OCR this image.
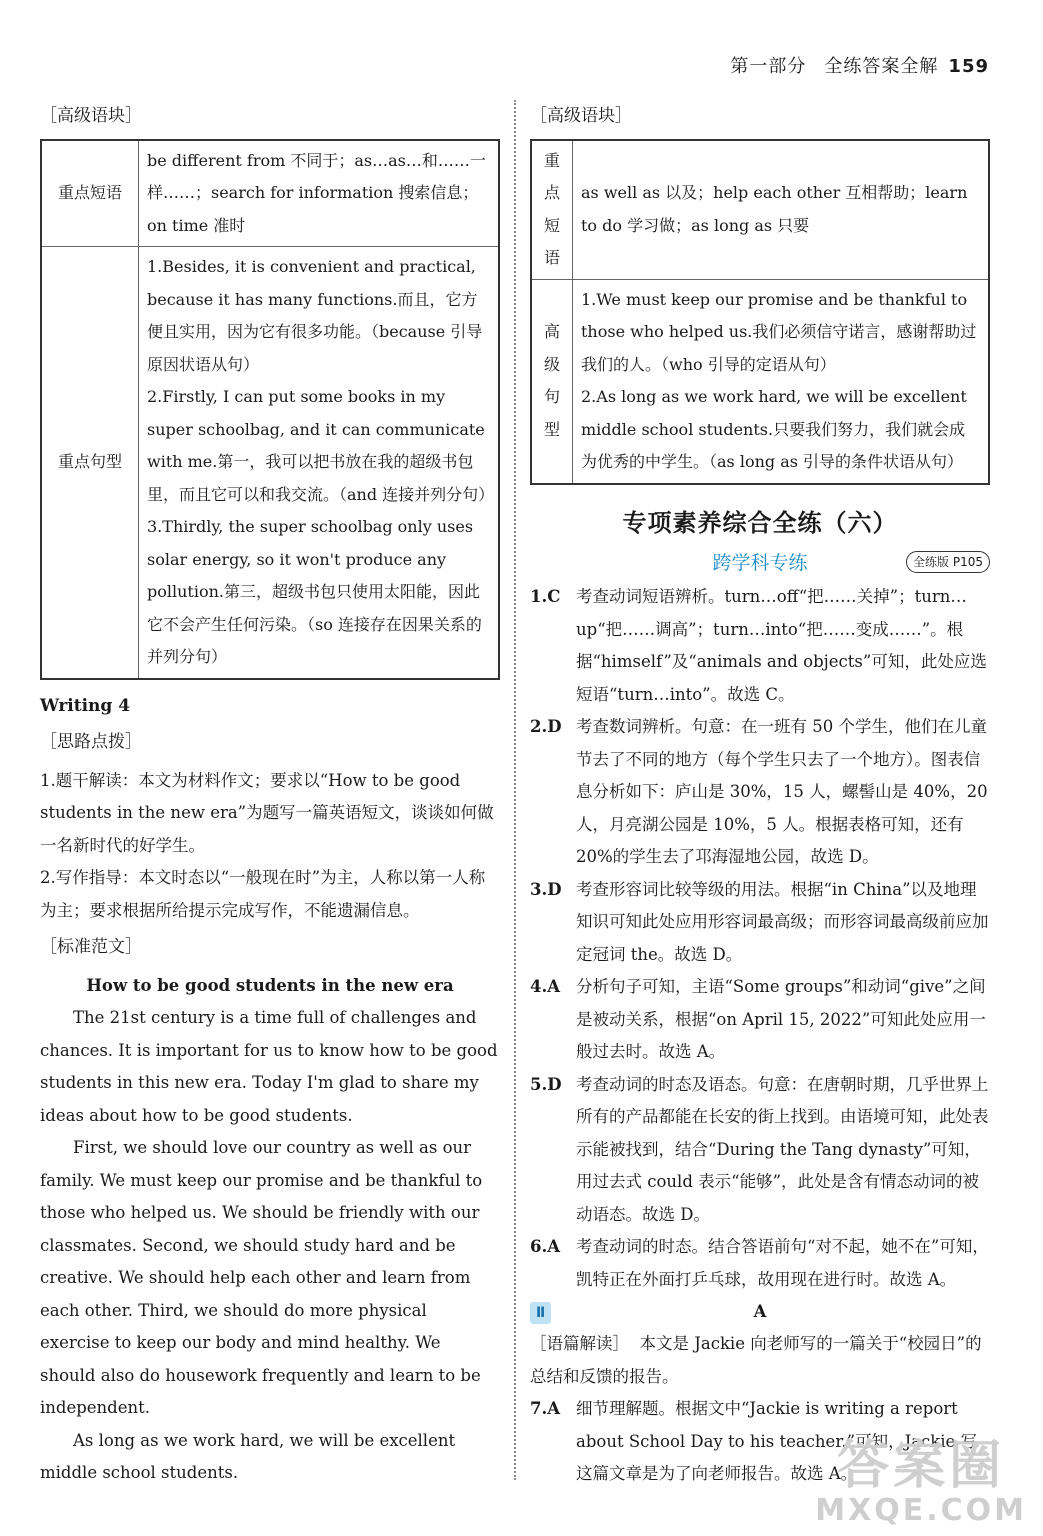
第一部分 全练答案全解 159
［高级语块］
重点短语	be different from 不同于；as…as…和……一样……；search for information 搜索信息；on time 准时

重点句型	1.Besides, it is convenient and practical, because it has many functions.而且，它方便且实用，因为它有很多功能。（because 引导原因状语从句）

2.Firstly, I can put some books in my super schoolbag, and it can communicate with me.第一，我可以把书放在我的超级书包里，而且它可以和我交流。（and 连接并列分句）

3.Thirdly, the super schoolbag only uses solar energy, so it won't produce any pollution.第三，超级书包只使用太阳能，因此它不会产生任何污染。（so 连接存在因果关系的并列分句）

Writing 4
［思路点拨］

1.题干解读：本文为材料作文；要求以“How to be good students in the new era”为题写一篇英语短文，谈谈如何做一名新时代的好学生。

2.写作指导：本文时态以“一般现在时”为主，人称以第一人称为主；要求根据所给提示完成写作，不能遗漏信息。

［标准范文］

How to be good students in the new era

The 21st century is a time full of challenges and chances. It is important for us to know how to be good students in this new era. Today I'm glad to share my ideas about how to be good students.

First, we should love our country as well as our family. We must keep our promise and be thankful to those who helped us. We should be friendly with our classmates. Second, we should study hard and be creative. We should help each other and learn from each other. Third, we should do more physical exercise to keep our body and mind healthy. We should also do housework frequently and learn to be independent.

As long as we work hard, we will be excellent middle school students.

［高级语块］
重点短语	as well as 以及；help each other 互相帮助；learn to do 学习做；as long as 只要

高级句型	1.We must keep our promise and be thankful to those who helped us.我们必须信守诺言，感谢帮助过我们的人。（who 引导的定语从句）

2.As long as we work hard, we will be excellent middle school students.只要我们努力，我们就会成为优秀的中学生。（as long as 引导的条件状语从句）

专项素养综合全练（六）
跨学科专练	全练版 P105
1.C 考查动词短语辨析。turn…off“把……关掉”；turn…up“把……调高”；turn…into“把……变成……”。根据“himself”及“animals and objects”可知，此处应选短语“turn…into”。故选 C。
2.D 考查数词辨析。句意：在一班有 50 个学生，他们在儿童节去了不同的地方（每个学生只去了一个地方）。图表信息分析如下：庐山是 30%，15 人，螺髻山是 40%，20 人，月亮湖公园是 10%，5 人。根据表格可知，还有 20%的学生去了邛海湿地公园，故选 D。
3.D 考查形容词比较等级的用法。根据“in China”以及地理知识可知此处应用形容词最高级；而形容词最高级前应加定冠词 the。故选 D。
4.A 分析句子可知，主语“Some groups”和动词“give”之间是被动关系，根据“on April 15, 2022”可知此处应用一般过去时。故选 A。
5.D 考查动词的时态及语态。句意：在唐朝时期，几乎世界上所有的产品都能在长安的街上找到。由语境可知，此处表示能被找到，结合“During the Tang dynasty”可知，用过去式 could 表示“能够”，此处是含有情态动词的被动语态。故选 D。
6.A 考查动词的时态。结合答语前句“对不起，她不在”可知，凯特正在外面打乒乓球，故用现在进行时。故选 A。
Ⅱ	A

［语篇解读］ 本文是 Jackie 向老师写的一篇关于“校园日”的总结和反馈的报告。

7.A 细节理解题。根据文中“Jackie is writing a report about School Day to his teacher.”可知，Jackie 写这篇文章是为了向老师报告。故选 A。
答案圈
MXQE.COM
